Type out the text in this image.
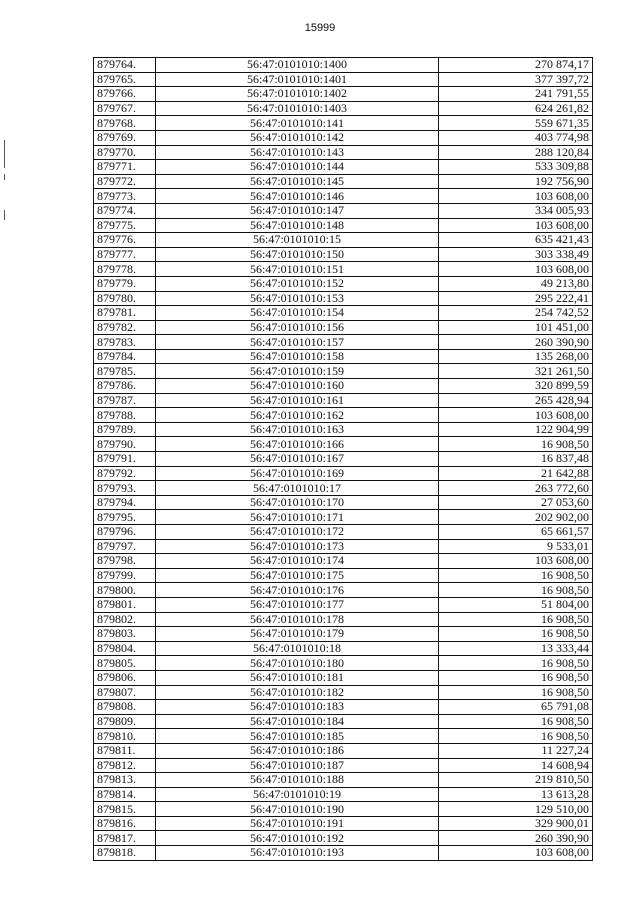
15999
879764.	56:47:0101010:1400	270 874,17
879765.	56:47:0101010:1401	377 397,72
879766.	56:47:0101010:1402	241 791,55
879767.	56:47:0101010:1403	624 261,82
879768.	56:47:0101010:141	559 671,35
879769.	56:47:0101010:142	403 774,98
879770.	56:47:0101010:143	288 120,84
879771.	56:47:0101010:144	533 309,88
879772.	56:47:0101010:145	192 756,90
879773.	56:47:0101010:146	103 608,00
879774.	56:47:0101010:147	334 005,93
879775.	56:47:0101010:148	103 608,00
879776.	56:47:0101010:15	635 421,43
879777.	56:47:0101010:150	303 338,49
879778.	56:47:0101010:151	103 608,00
879779.	56:47:0101010:152	49 213,80
879780.	56:47:0101010:153	295 222,41
879781.	56:47:0101010:154	254 742,52
879782.	56:47:0101010:156	101 451,00
879783.	56:47:0101010:157	260 390,90
879784.	56:47:0101010:158	135 268,00
879785.	56:47:0101010:159	321 261,50
879786.	56:47:0101010:160	320 899,59
879787.	56:47:0101010:161	265 428,94
879788.	56:47:0101010:162	103 608,00
879789.	56:47:0101010:163	122 904,99
879790.	56:47:0101010:166	16 908,50
879791.	56:47:0101010:167	16 837,48
879792.	56:47:0101010:169	21 642,88
879793.	56:47:0101010:17	263 772,60
879794.	56:47:0101010:170	27 053,60
879795.	56:47:0101010:171	202 902,00
879796.	56:47:0101010:172	65 661,57
879797.	56:47:0101010:173	9 533,01
879798.	56:47:0101010:174	103 608,00
879799.	56:47:0101010:175	16 908,50
879800.	56:47:0101010:176	16 908,50
879801.	56:47:0101010:177	51 804,00
879802.	56:47:0101010:178	16 908,50
879803.	56:47:0101010:179	16 908,50
879804.	56:47:0101010:18	13 333,44
879805.	56:47:0101010:180	16 908,50
879806.	56:47:0101010:181	16 908,50
879807.	56:47:0101010:182	16 908,50
879808.	56:47:0101010:183	65 791,08
879809.	56:47:0101010:184	16 908,50
879810.	56:47:0101010:185	16 908,50
879811.	56:47:0101010:186	11 227,24
879812.	56:47:0101010:187	14 608,94
879813.	56:47:0101010:188	219 810,50
879814.	56:47:0101010:19	13 613,28
879815.	56:47:0101010:190	129 510,00
879816.	56:47:0101010:191	329 900,01
879817.	56:47:0101010:192	260 390,90
879818.	56:47:0101010:193	103 608,00
